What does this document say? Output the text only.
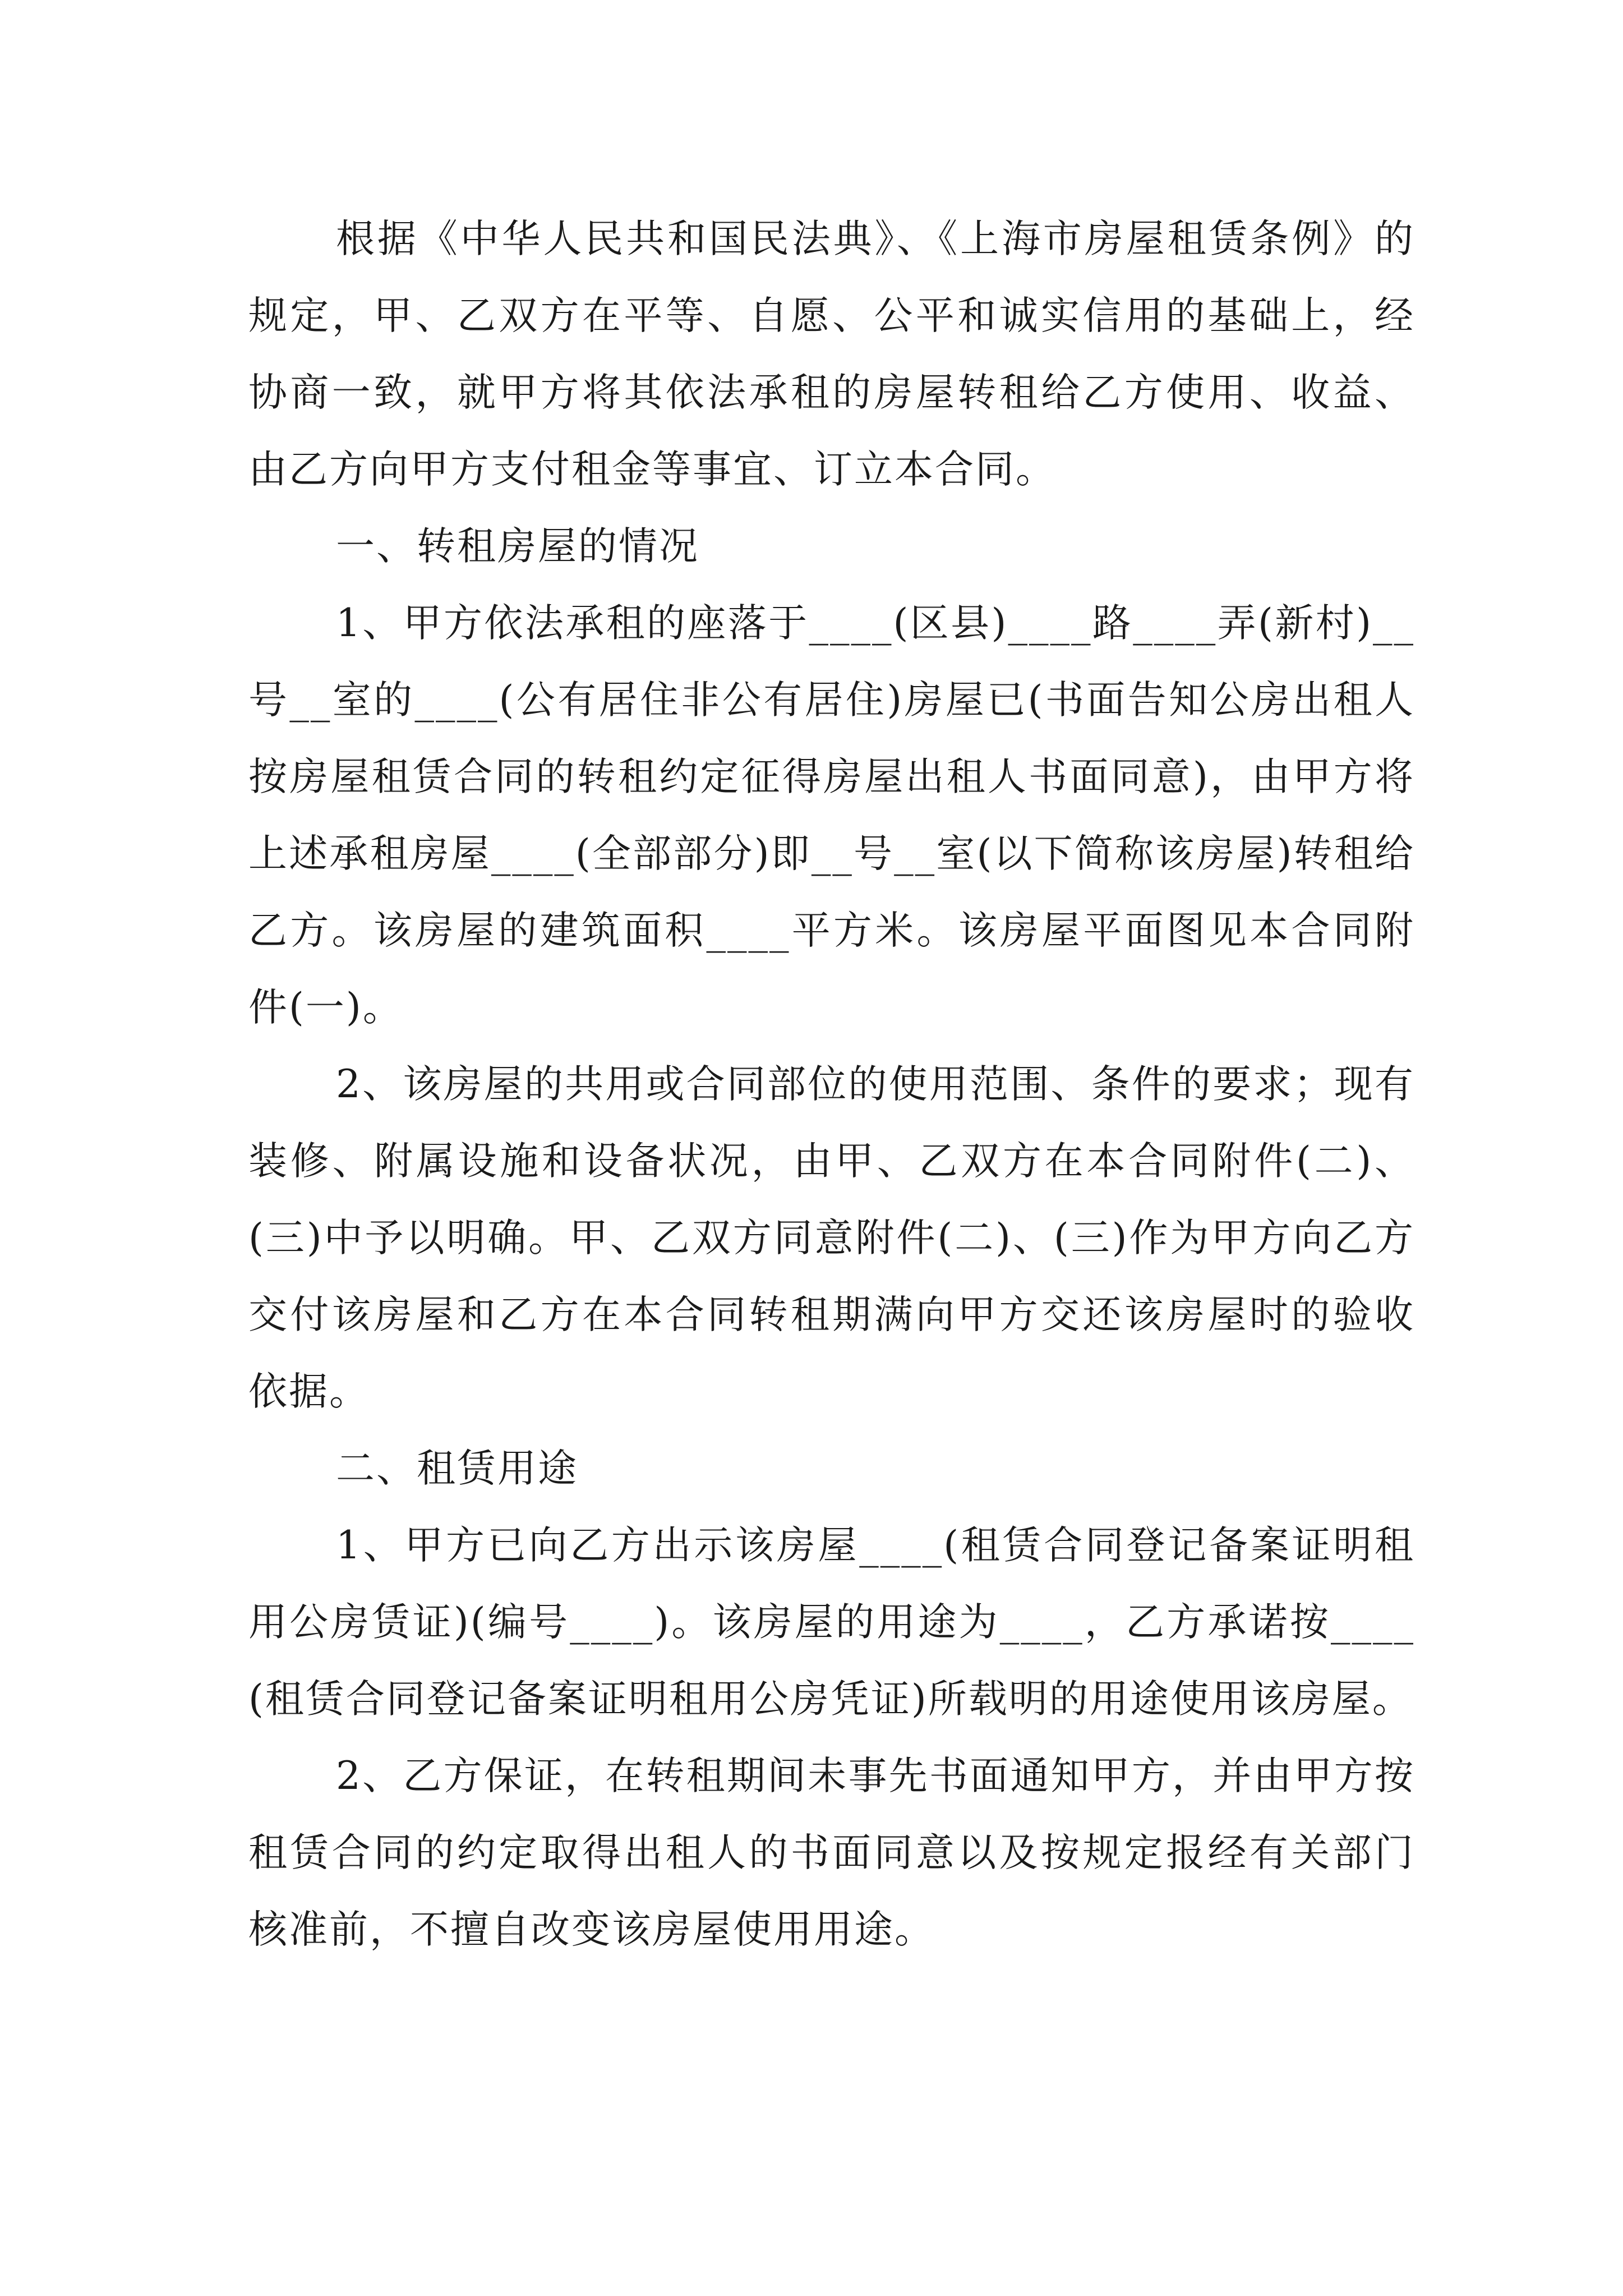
根据《中华人民共和国民法典》、《上海市房屋租赁条例》的规定，甲、乙双方在平等、自愿、公平和诚实信用的基础上，经协商一致，就甲方将其依法承租的房屋转租给乙方使用、收益、由乙方向甲方支付租金等事宜、订立本合同。

一、转租房屋的情况

1、甲方依法承租的座落于____(区县)____路____弄(新村)__号__室的____(公有居住非公有居住)房屋已(书面告知公房出租人按房屋租赁合同的转租约定征得房屋出租人书面同意)，由甲方将上述承租房屋____(全部部分)即__号__室(以下简称该房屋)转租给乙方。该房屋的建筑面积____平方米。该房屋平面图见本合同附件(一)。

2、该房屋的共用或合同部位的使用范围、条件的要求；现有装修、附属设施和设备状况，由甲、乙双方在本合同附件(二)、(三)中予以明确。甲、乙双方同意附件(二)、(三)作为甲方向乙方交付该房屋和乙方在本合同转租期满向甲方交还该房屋时的验收依据。

二、租赁用途

1、甲方已向乙方出示该房屋____(租赁合同登记备案证明租用公房赁证)(编号____)。该房屋的用途为____，乙方承诺按____(租赁合同登记备案证明租用公房凭证)所载明的用途使用该房屋。

2、乙方保证，在转租期间未事先书面通知甲方，并由甲方按租赁合同的约定取得出租人的书面同意以及按规定报经有关部门核准前，不擅自改变该房屋使用用途。
